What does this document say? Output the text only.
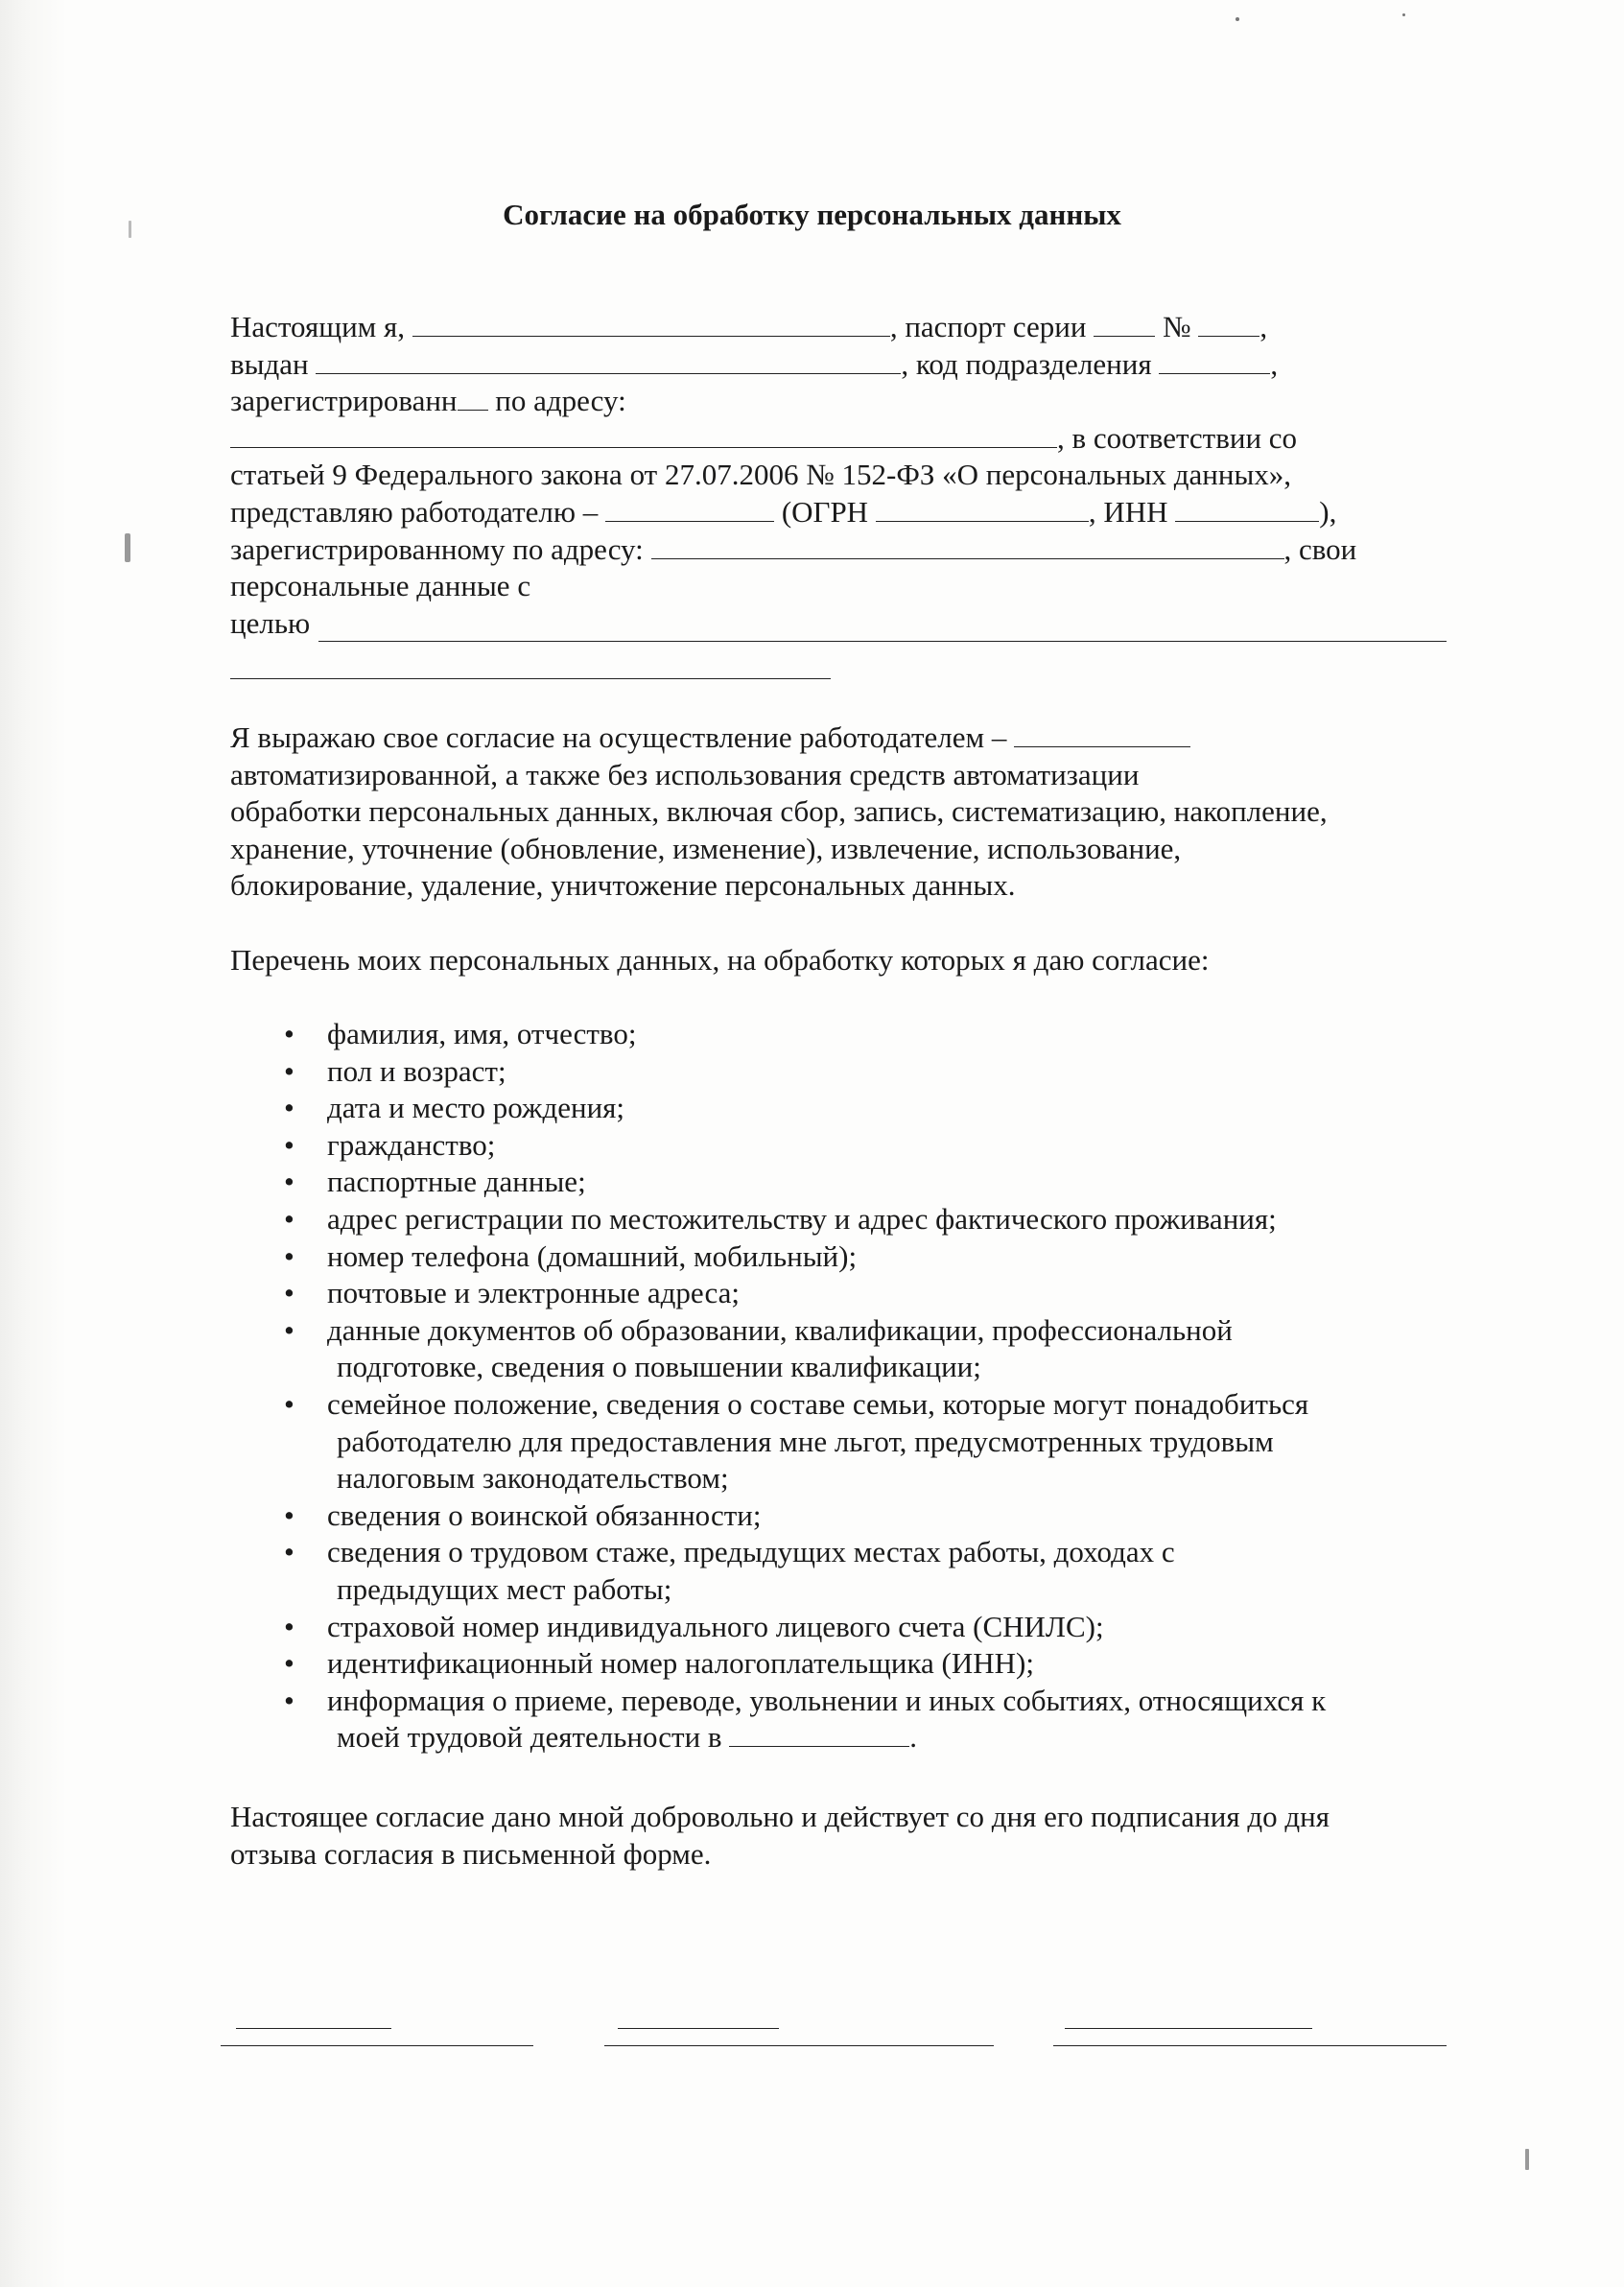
Согласие на обработку персональных данных
Настоящим я,	, паспорт серии	№ ,
выдан	, код подразделения	,
зарегистрированн по адресу:
, в соответствии со
статьей 9 Федерального закона от 27.07.2006 № 152-ФЗ «О персональных данных»,
представляю работодателю –	(ОГРН	, ИНН	),
зарегистрированному по адресу:	, свои
персональные данные с
целью
Я выражаю свое согласие на осуществление работодателем –
автоматизированной, а также без использования средств автоматизации
обработки персональных данных, включая сбор, запись, систематизацию, накопление,
хранение, уточнение (обновление, изменение), извлечение, использование,
блокирование, удаление, уничтожение персональных данных.
Перечень моих персональных данных, на обработку которых я даю согласие:
• фамилия, имя, отчество;
• пол и возраст;
• дата и место рождения;
• гражданство;
• паспортные данные;
• адрес регистрации по местожительству и адрес фактического проживания;
• номер телефона (домашний, мобильный);
• почтовые и электронные адреса;
• данные документов об образовании, квалификации, профессиональной
подготовке, сведения о повышении квалификации;
• семейное положение, сведения о составе семьи, которые могут понадобиться
работодателю для предоставления мне льгот, предусмотренных трудовым
налоговым законодательством;
• сведения о воинской обязанности;
• сведения о трудовом стаже, предыдущих местах работы, доходах с
предыдущих мест работы;
• страховой номер индивидуального лицевого счета (СНИЛС);
• идентификационный номер налогоплательщика (ИНН);
• информация о приеме, переводе, увольнении и иных событиях, относящихся к
моей трудовой деятельности в	.
Настоящее согласие дано мной добровольно и действует со дня его подписания до дня
отзыва согласия в письменной форме.
